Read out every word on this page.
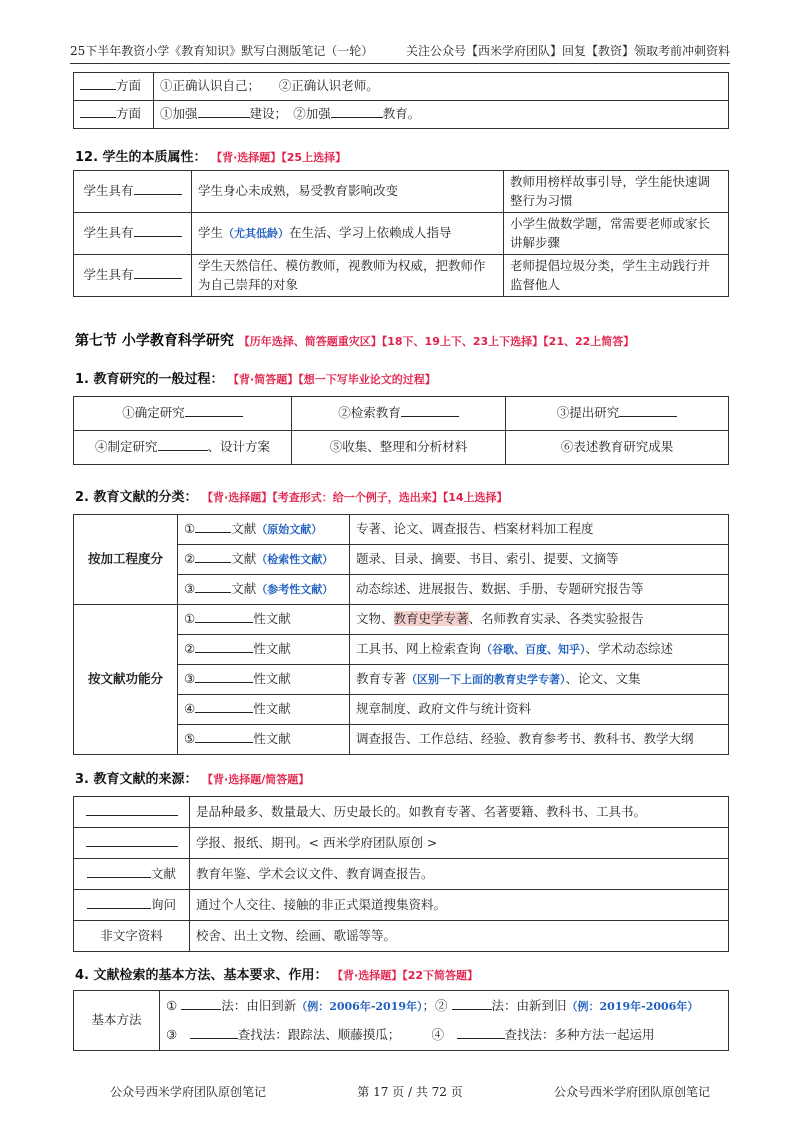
25下半年教资小学《教育知识》默写白测版笔记（一轮）	关注公众号【西米学府团队】回复【教资】领取考前冲刺资料
方面	①正确认识自己；　　②正确认识老师。
方面	①加强 建设；　②加强 教育。
12. 学生的本质属性： 【背·选择题】【25上选择】
学生具有	学生身心未成熟，易受教育影响改变	教师用榜样故事引导，学生能快速调整行为习惯
学生具有	学生（尤其低龄）在生活、学习上依赖成人指导	小学生做数学题，常需要老师或家长讲解步骤
学生具有	学生天然信任、模仿教师，视教师为权威，把教师作为自己崇拜的对象	老师提倡垃圾分类，学生主动践行并监督他人
第七节 小学教育科学研究 【历年选择、简答题重灾区】【18下、19上下、23上下选择】【21、22上简答】
1. 教育研究的一般过程： 【背·简答题】【想一下写毕业论文的过程】
①确定研究	②检索教育	③提出研究
④制定研究 、设计方案	⑤收集、整理和分析材料	⑥表述教育研究成果
2. 教育文献的分类： 【背·选择题】【考查形式：给一个例子，选出来】【14上选择】
按加工程度分	① 文献（原始文献）	专著、论文、调查报告、档案材料加工程度
	② 文献（检索性文献）	题录、目录、摘要、书目、索引、提要、文摘等
	③ 文献（参考性文献）	动态综述、进展报告、数据、手册、专题研究报告等
按文献功能分	① 性文献	文物、教育史学专著、名师教育实录、各类实验报告
	② 性文献	工具书、网上检索查询（谷歌、百度、知乎）、学术动态综述
	③ 性文献	教育专著（区别一下上面的教育史学专著）、论文、文集
	④ 性文献	规章制度、政府文件与统计资料
	⑤ 性文献	调查报告、工作总结、经验、教育参考书、教科书、教学大纲
3. 教育文献的来源： 【背·选择题/简答题】
	是品种最多、数量最大、历史最长的。如教育专著、名著要籍、教科书、工具书。
	学报、报纸、期刊。< 西米学府团队原创 >
文献	教育年鉴、学术会议文件、教育调查报告。
询问	通过个人交往、接触的非正式渠道搜集资料。
非文字资料	校舍、出土文物、绘画、歌谣等等。
4. 文献检索的基本方法、基本要求、作用： 【背·选择题】【22下简答题】
基本方法	①	法：由旧到新（例：2006年-2019年）；②	法：由新到旧（例：2019年-2006年）
③　	查找法：跟踪法、顺藤摸瓜；　　　	④　	查找法：多种方法一起运用
公众号西米学府团队原创笔记	第 17 页 / 共 72 页	公众号西米学府团队原创笔记
